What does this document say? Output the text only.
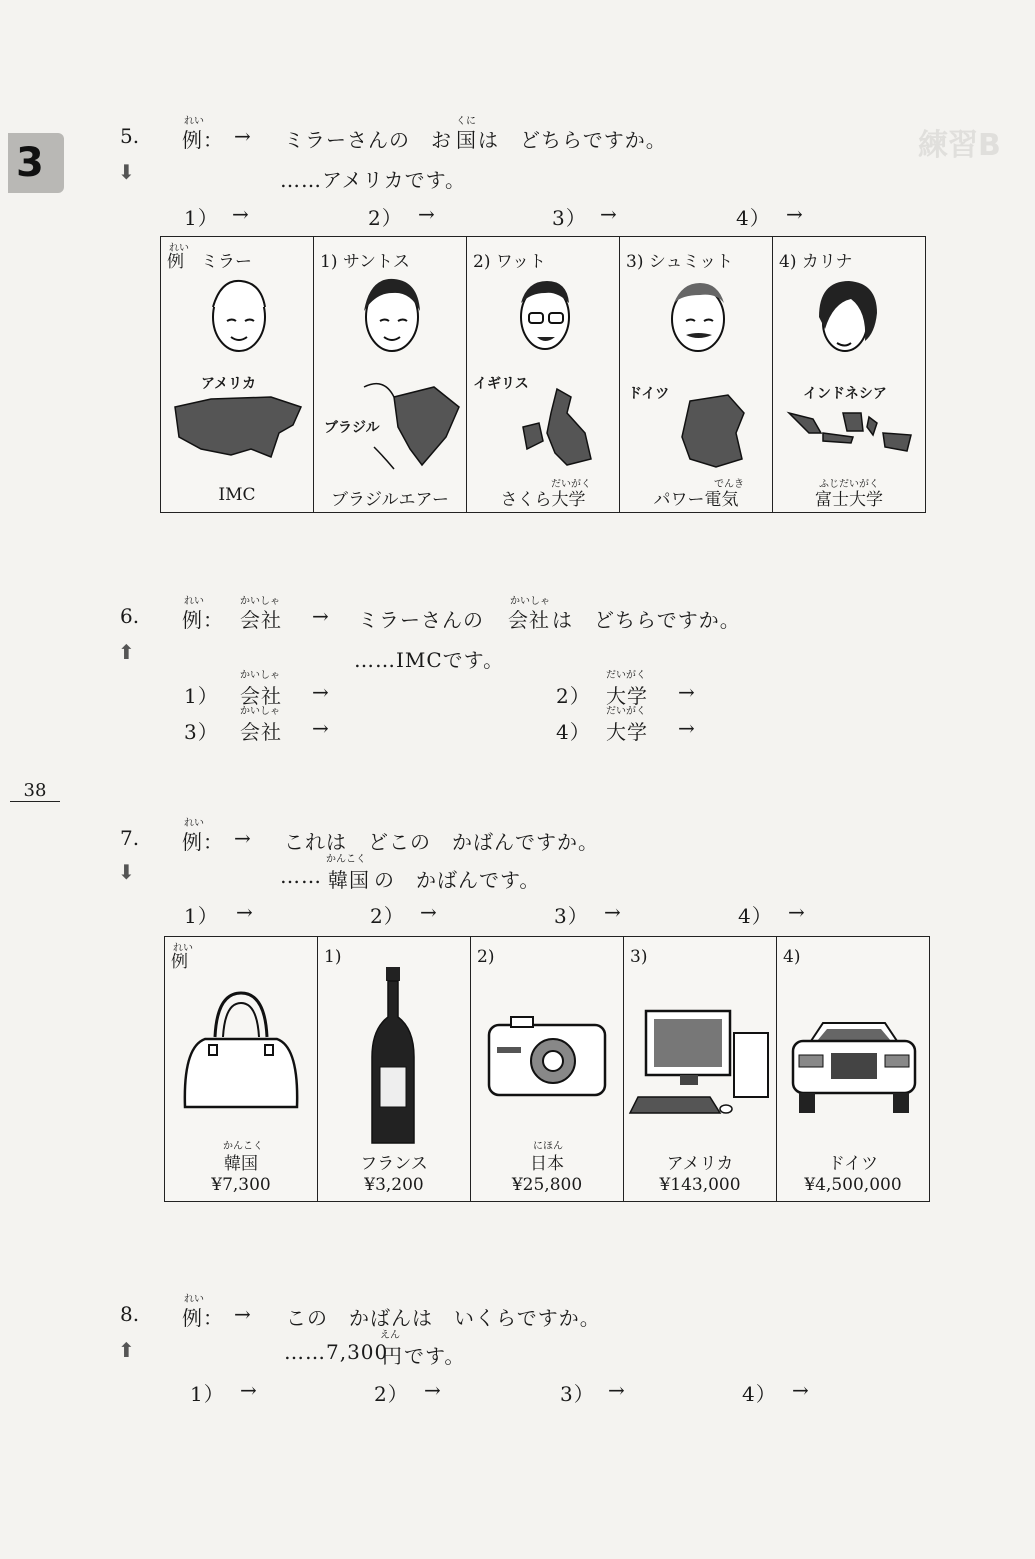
3	練習B
38
5.
れい
例： → ミラーさんの　お
くに
国 は　どちらですか。
⬇	……アメリカです。
1） →	2） →	3） →	4） →
れい
例　ミラー
アメリカ
IMC
1) サントス
ブラジル
ブラジルエアー
2) ワット
イギリス
だいがく
さくら大学
3) シュミット
ドイツ
でんき
パワー電気
4) カリナ
インドネシア
ふじだいがく
富士大学
6.
れい
例：
かいしゃ
会社 → ミラーさんの
かいしゃ
会社 は　どちらですか。
⬆	……IMCです。
1）
かいしゃ
会社 →	2）
だいがく
大学 →
3）
かいしゃ
会社 →	4）
だいがく
大学 →
7.
れい
例： → これは　どこの　かばんですか。
⬇	……
かんこく
韓国 の　かばんです。
1） →	2） →	3） →	4） →
れい
例
かんこく
韓国
¥7,300
1)
フランス
¥3,200
2)
にほん
日本
¥25,800
3)
アメリカ
¥143,000
4)
ドイツ
¥4,500,000
8.
れい
例： → この　かばんは　いくらですか。
⬆	……7,300
えん
円 です。
1） →	2） →	3） →	4） →
